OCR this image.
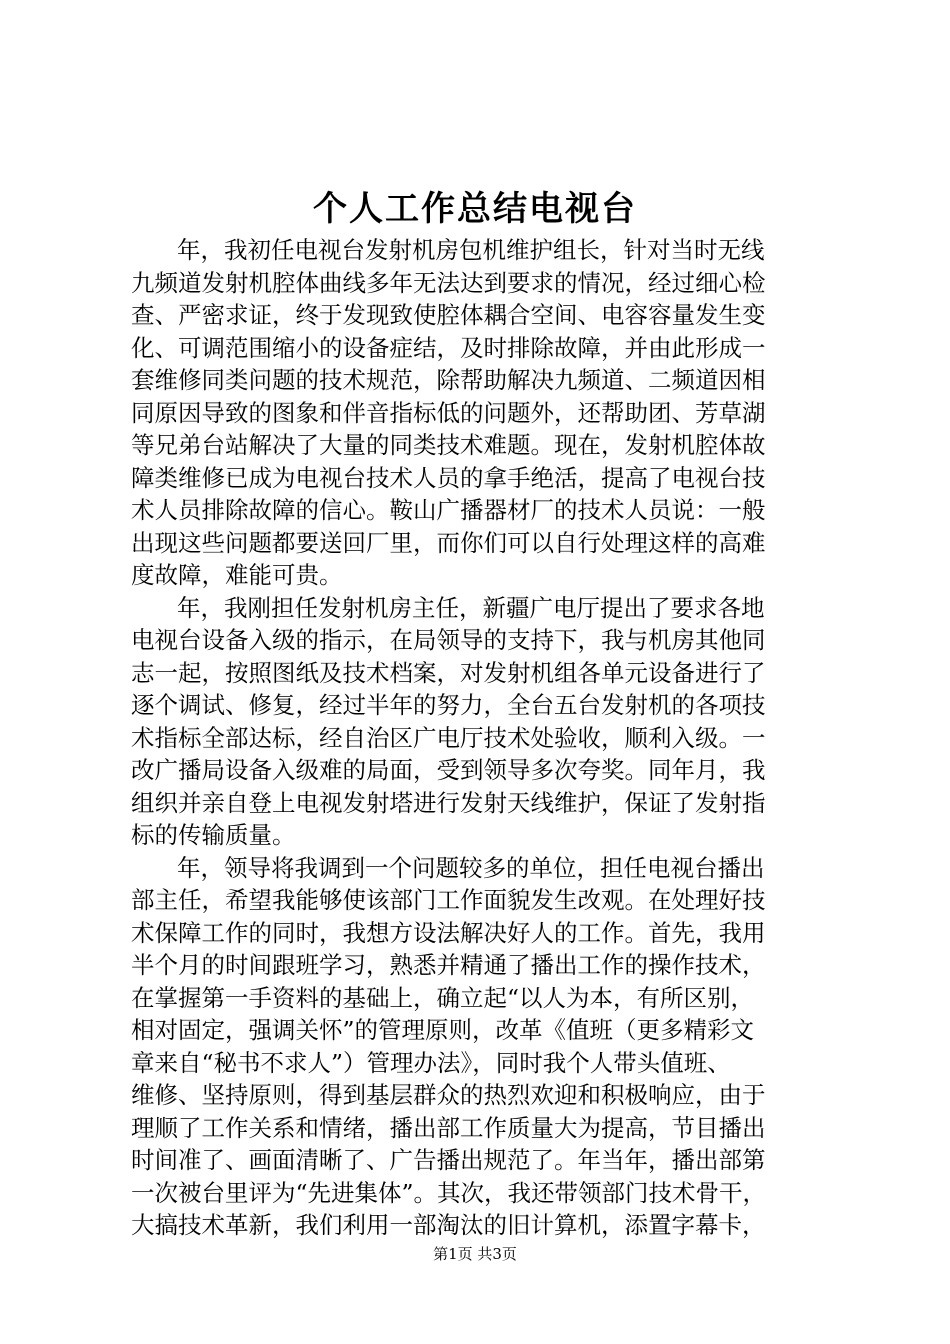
个人工作总结电视台
年，我初任电视台发射机房包机维护组长，针对当时无线
九频道发射机腔体曲线多年无法达到要求的情况，经过细心检
查、严密求证，终于发现致使腔体耦合空间、电容容量发生变
化、可调范围缩小的设备症结，及时排除故障，并由此形成一
套维修同类问题的技术规范，除帮助解决九频道、二频道因相
同原因导致的图象和伴音指标低的问题外，还帮助团、芳草湖
等兄弟台站解决了大量的同类技术难题。现在，发射机腔体故
障类维修已成为电视台技术人员的拿手绝活，提高了电视台技
术人员排除故障的信心。鞍山广播器材厂的技术人员说：一般
出现这些问题都要送回厂里，而你们可以自行处理这样的高难
度故障，难能可贵。
年，我刚担任发射机房主任，新疆广电厅提出了要求各地
电视台设备入级的指示，在局领导的支持下，我与机房其他同
志一起，按照图纸及技术档案，对发射机组各单元设备进行了
逐个调试、修复，经过半年的努力，全台五台发射机的各项技
术指标全部达标，经自治区广电厅技术处验收，顺利入级。一
改广播局设备入级难的局面，受到领导多次夸奖。同年月，我
组织并亲自登上电视发射塔进行发射天线维护，保证了发射指
标的传输质量。
年，领导将我调到一个问题较多的单位，担任电视台播出
部主任，希望我能够使该部门工作面貌发生改观。在处理好技
术保障工作的同时，我想方设法解决好人的工作。首先，我用
半个月的时间跟班学习，熟悉并精通了播出工作的操作技术，
在掌握第一手资料的基础上，确立起“以人为本，有所区别，
相对固定，强调关怀”的管理原则，改革《值班（更多精彩文
章来自“秘书不求人”）管理办法》，同时我个人带头值班、
维修、坚持原则，得到基层群众的热烈欢迎和积极响应，由于
理顺了工作关系和情绪，播出部工作质量大为提高，节目播出
时间准了、画面清晰了、广告播出规范了。年当年，播出部第
一次被台里评为“先进集体”。其次，我还带领部门技术骨干，
大搞技术革新，我们利用一部淘汰的旧计算机，添置字幕卡，
第1页 共3页
